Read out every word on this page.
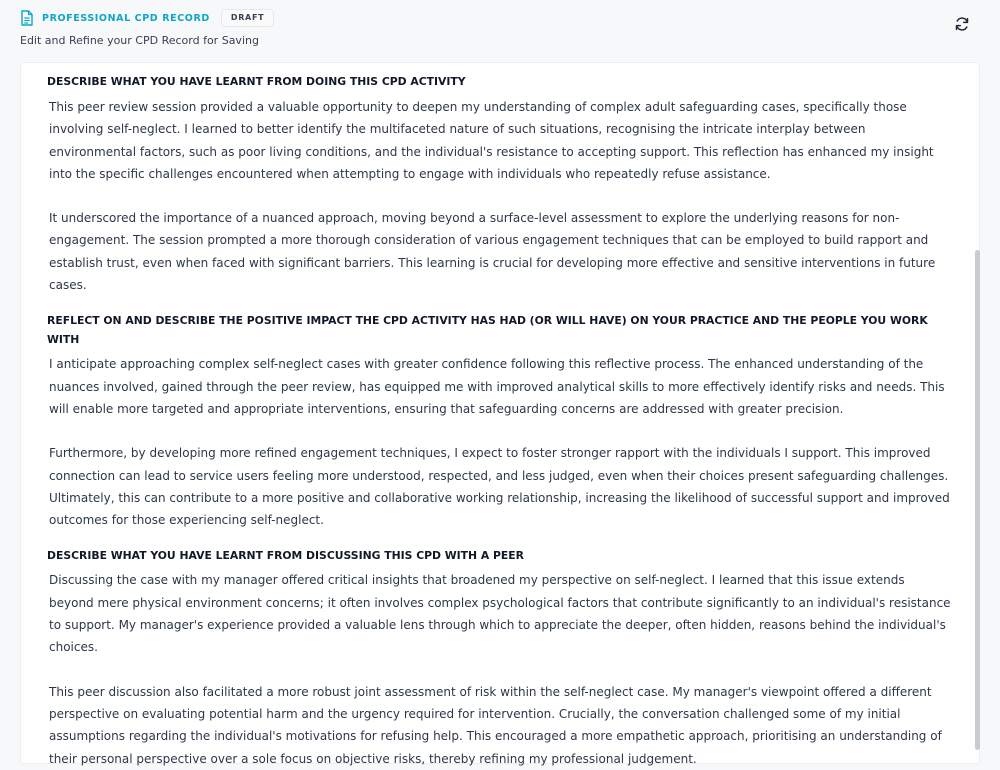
PROFESSIONAL CPD RECORD	DRAFT
Edit and Refine your CPD Record for Saving
DESCRIBE WHAT YOU HAVE LEARNT FROM DOING THIS CPD ACTIVITY

This peer review session provided a valuable opportunity to deepen my understanding of complex adult safeguarding cases, specifically those involving self-neglect. I learned to better identify the multifaceted nature of such situations, recognising the intricate interplay between environmental factors, such as poor living conditions, and the individual's resistance to accepting support. This reflection has enhanced my insight into the specific challenges encountered when attempting to engage with individuals who repeatedly refuse assistance.

It underscored the importance of a nuanced approach, moving beyond a surface-level assessment to explore the underlying reasons for non-engagement. The session prompted a more thorough consideration of various engagement techniques that can be employed to build rapport and establish trust, even when faced with significant barriers. This learning is crucial for developing more effective and sensitive interventions in future cases.

REFLECT ON AND DESCRIBE THE POSITIVE IMPACT THE CPD ACTIVITY HAS HAD (OR WILL HAVE) ON YOUR PRACTICE AND THE PEOPLE YOU WORK WITH

I anticipate approaching complex self-neglect cases with greater confidence following this reflective process. The enhanced understanding of the nuances involved, gained through the peer review, has equipped me with improved analytical skills to more effectively identify risks and needs. This will enable more targeted and appropriate interventions, ensuring that safeguarding concerns are addressed with greater precision.

Furthermore, by developing more refined engagement techniques, I expect to foster stronger rapport with the individuals I support. This improved connection can lead to service users feeling more understood, respected, and less judged, even when their choices present safeguarding challenges. Ultimately, this can contribute to a more positive and collaborative working relationship, increasing the likelihood of successful support and improved outcomes for those experiencing self-neglect.

DESCRIBE WHAT YOU HAVE LEARNT FROM DISCUSSING THIS CPD WITH A PEER

Discussing the case with my manager offered critical insights that broadened my perspective on self-neglect. I learned that this issue extends beyond mere physical environment concerns; it often involves complex psychological factors that contribute significantly to an individual's resistance to support. My manager's experience provided a valuable lens through which to appreciate the deeper, often hidden, reasons behind the individual's choices.

This peer discussion also facilitated a more robust joint assessment of risk within the self-neglect case. My manager's viewpoint offered a different perspective on evaluating potential harm and the urgency required for intervention. Crucially, the conversation challenged some of my initial assumptions regarding the individual's motivations for refusing help. This encouraged a more empathetic approach, prioritising an understanding of their personal perspective over a sole focus on objective risks, thereby refining my professional judgement.
